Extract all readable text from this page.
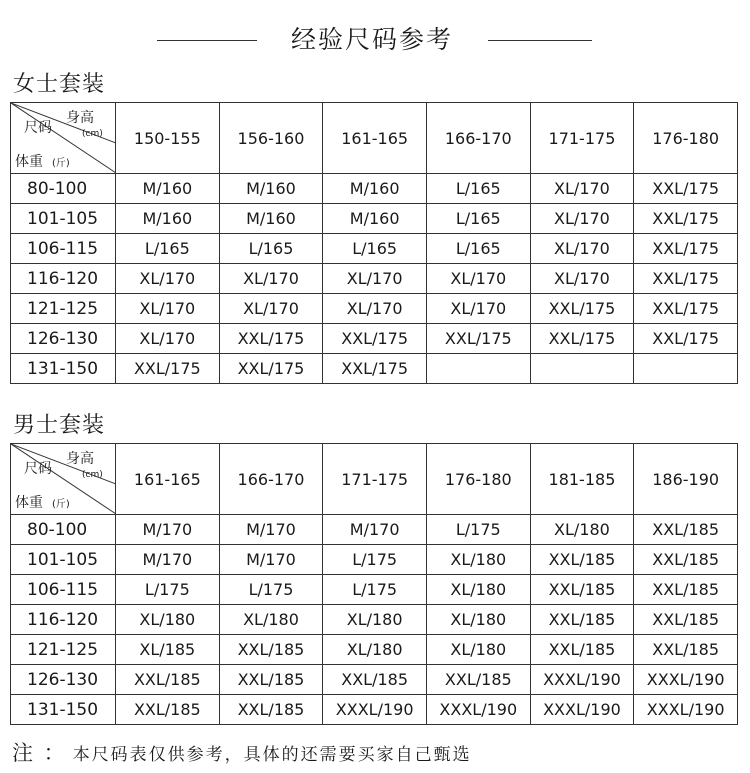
经验尺码参考
女士套装
尺码
身高
(cm)
体重 (斤)	150-155	156-160	161-165	166-170	171-175	176-180
80-100	M/160	M/160	M/160	L/165	XL/170	XXL/175
101-105	M/160	M/160	M/160	L/165	XL/170	XXL/175
106-115	L/165	L/165	L/165	L/165	XL/170	XXL/175
116-120	XL/170	XL/170	XL/170	XL/170	XL/170	XXL/175
121-125	XL/170	XL/170	XL/170	XL/170	XXL/175	XXL/175
126-130	XL/170	XXL/175	XXL/175	XXL/175	XXL/175	XXL/175
131-150	XXL/175	XXL/175	XXL/175			
男士套装
尺码
身高
(cm)
体重 (斤)	161-165	166-170	171-175	176-180	181-185	186-190
80-100	M/170	M/170	M/170	L/175	XL/180	XXL/185
101-105	M/170	M/170	L/175	XL/180	XXL/185	XXL/185
106-115	L/175	L/175	L/175	XL/180	XXL/185	XXL/185
116-120	XL/180	XL/180	XL/180	XL/180	XXL/185	XXL/185
121-125	XL/185	XXL/185	XL/180	XL/180	XXL/185	XXL/185
126-130	XXL/185	XXL/185	XXL/185	XXL/185	XXXL/190	XXXL/190
131-150	XXL/185	XXL/185	XXXL/190	XXXL/190	XXXL/190	XXXL/190
注 ： 本尺码表仅供参考，具体的还需要买家自己甄选
